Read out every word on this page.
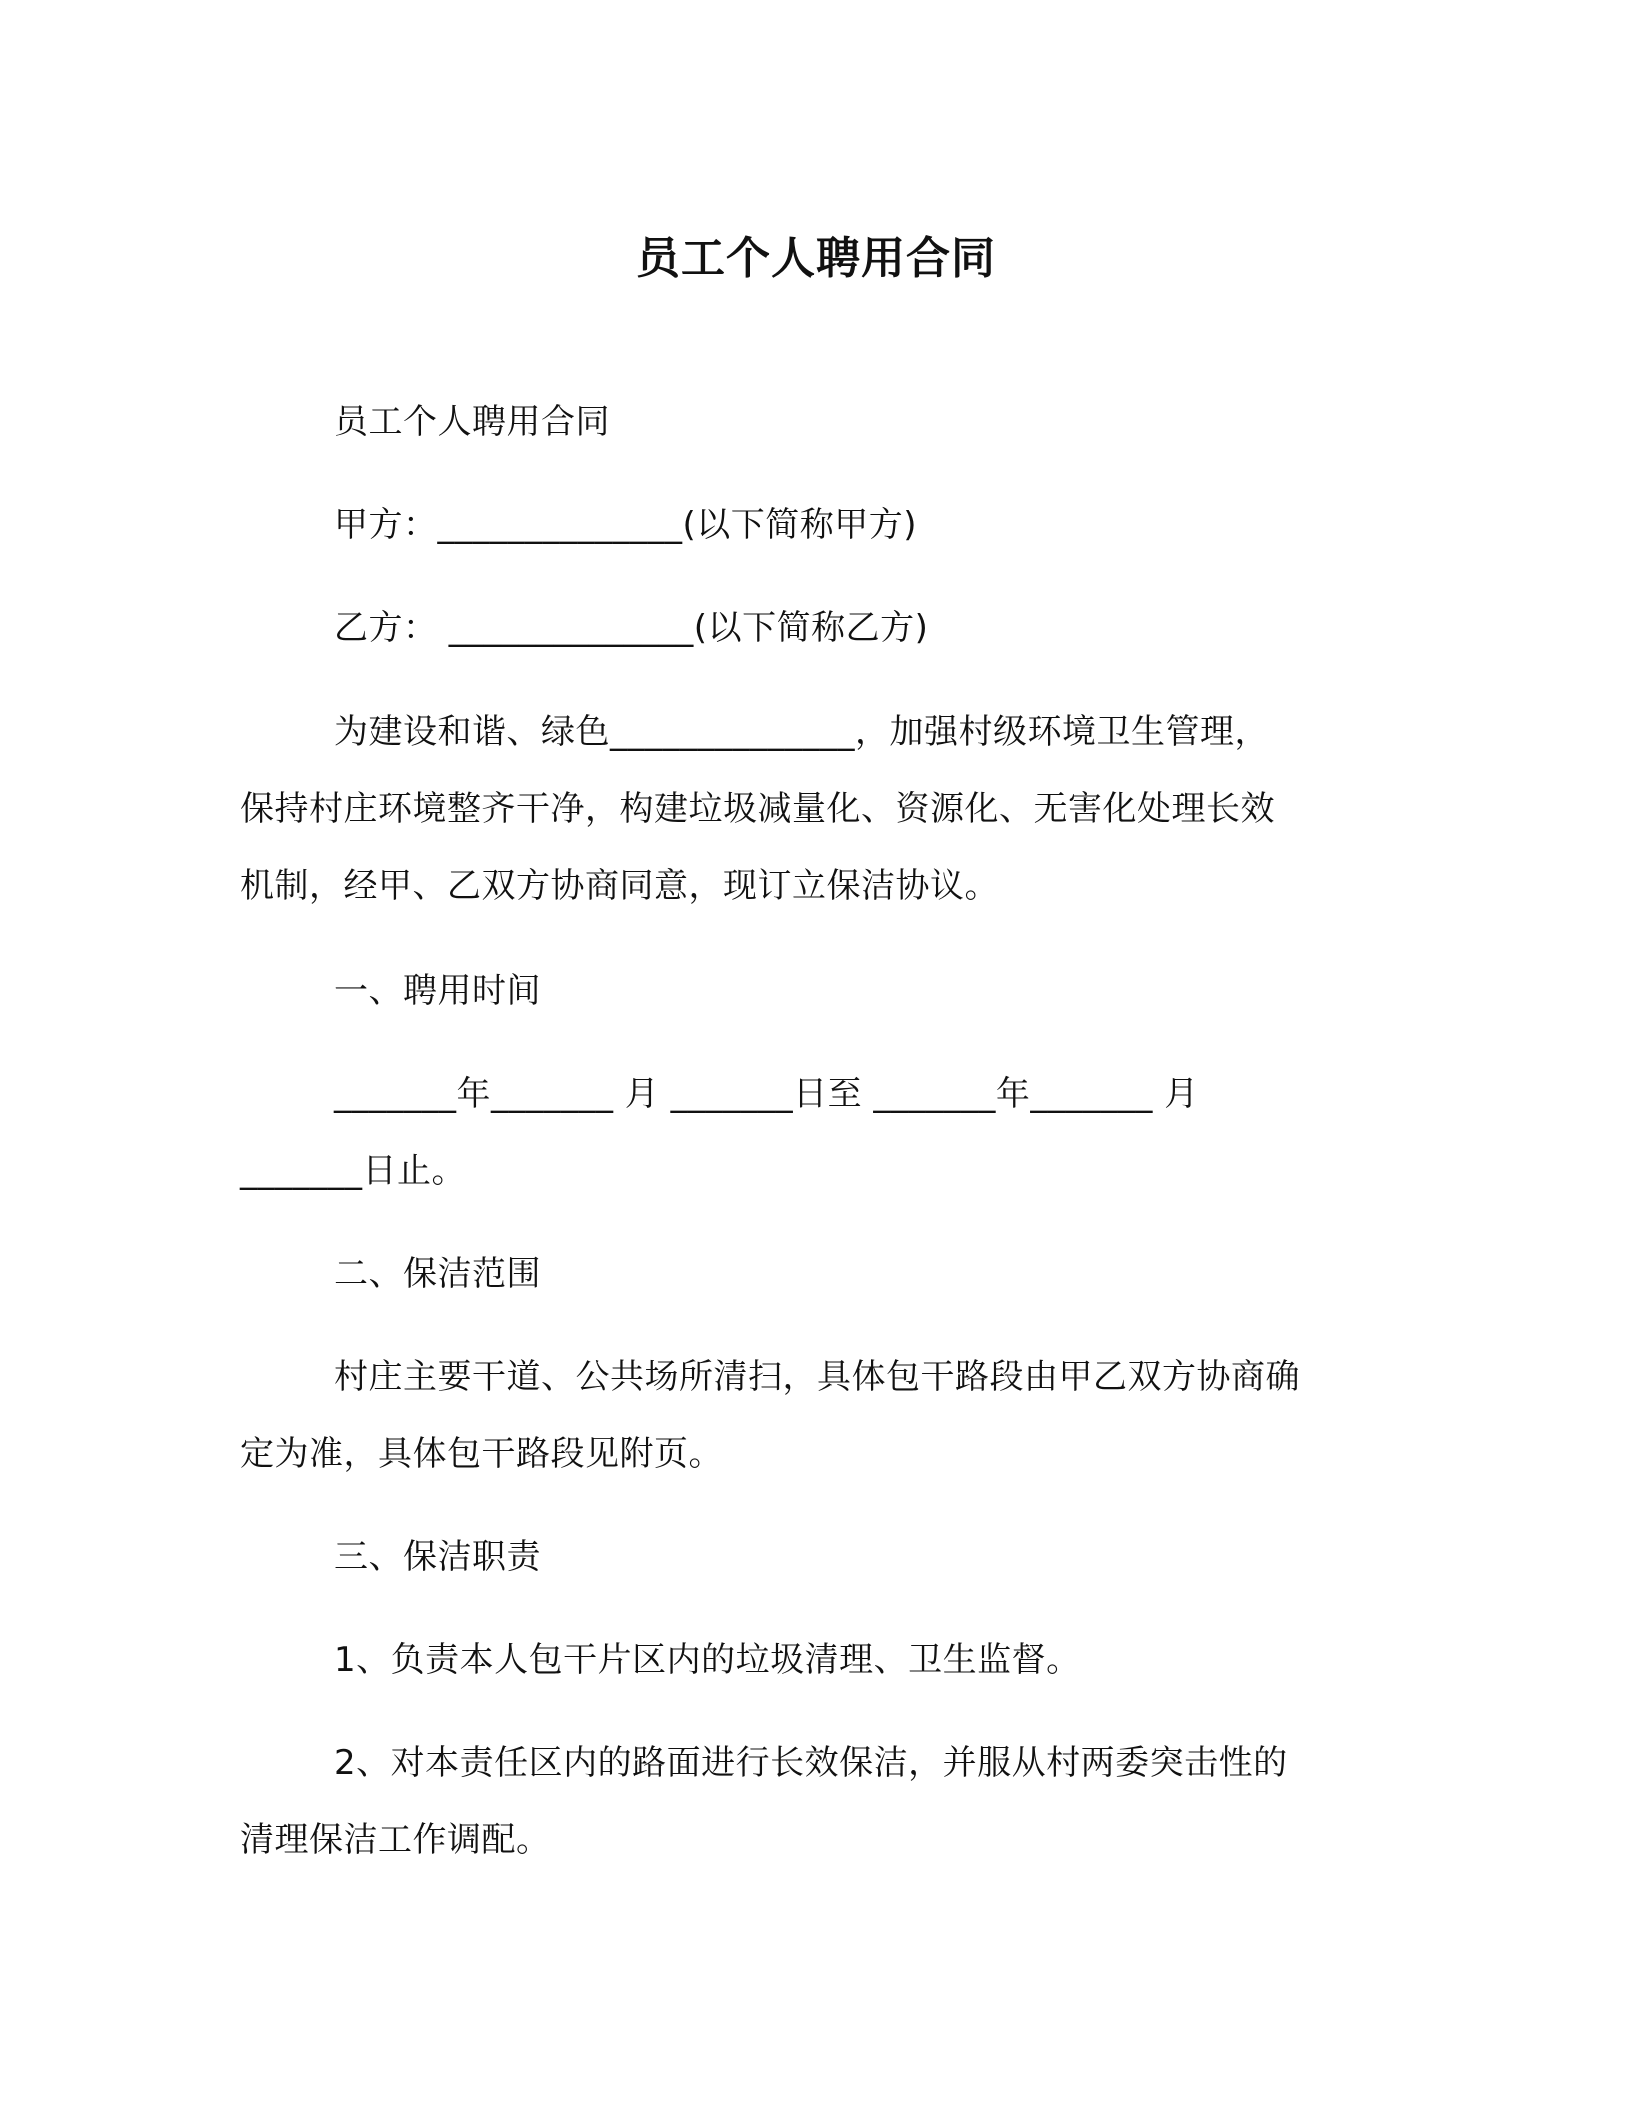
员工个人聘用合同
员工个人聘用合同
甲方：______________(以下简称甲方)
乙方： ______________(以下简称乙方)
为建设和谐、绿色______________，加强村级环境卫生管理，
保持村庄环境整齐干净，构建垃圾减量化、资源化、无害化处理长效
机制，经甲、乙双方协商同意，现订立保洁协议。
一、聘用时间
_______年_______ 月 _______日至 _______年_______ 月
_______日止。
二、保洁范围
村庄主要干道、公共场所清扫，具体包干路段由甲乙双方协商确
定为准，具体包干路段见附页。
三、保洁职责
1、负责本人包干片区内的垃圾清理、卫生监督。
2、对本责任区内的路面进行长效保洁，并服从村两委突击性的
清理保洁工作调配。
